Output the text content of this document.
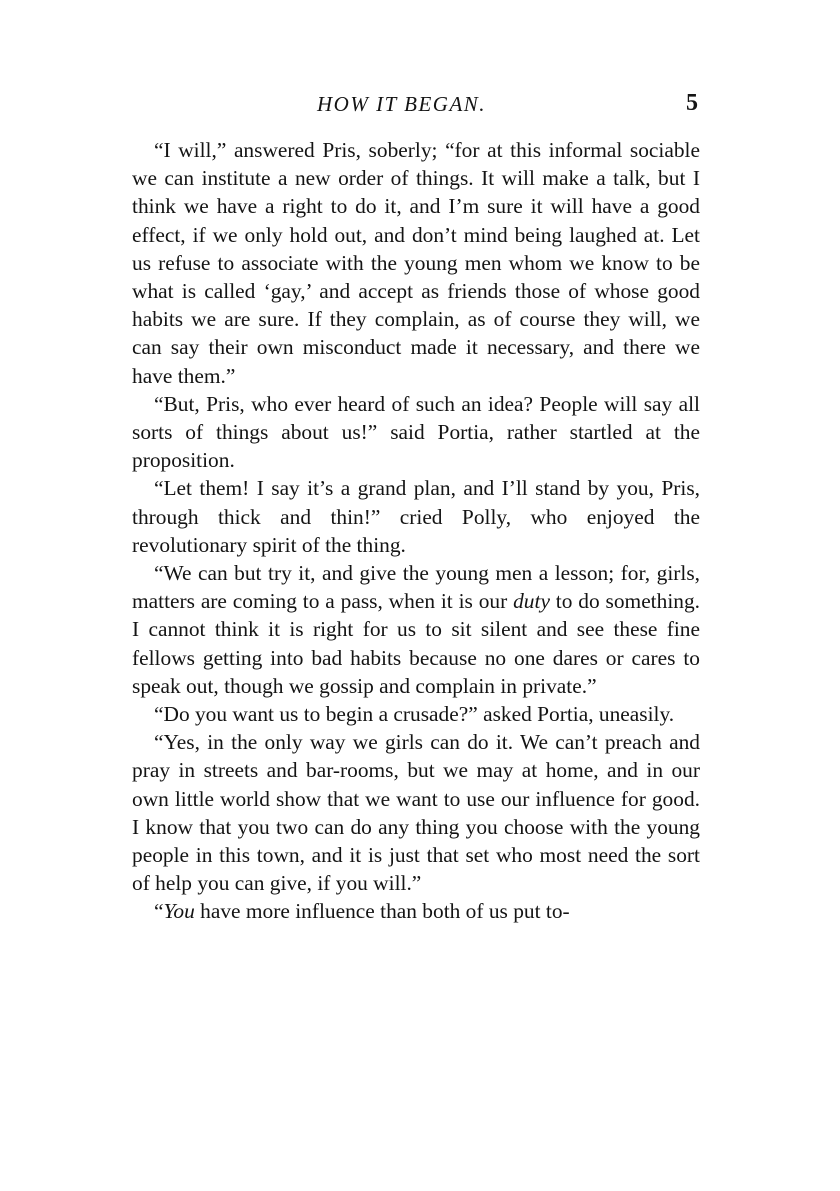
HOW IT BEGAN.	5

“I will,” answered Pris, soberly; “for at this informal sociable we can institute a new order of things. It will make a talk, but I think we have a right to do it, and I’m sure it will have a good effect, if we only hold out, and don’t mind being laughed at. Let us refuse to associate with the young men whom we know to be what is called ‘gay,’ and accept as friends those of whose good habits we are sure. If they complain, as of course they will, we can say their own misconduct made it necessary, and there we have them.”

“But, Pris, who ever heard of such an idea? People will say all sorts of things about us!” said Portia, rather startled at the proposition.

“Let them! I say it’s a grand plan, and I’ll stand by you, Pris, through thick and thin!” cried Polly, who enjoyed the revolutionary spirit of the thing.

“We can but try it, and give the young men a lesson; for, girls, matters are coming to a pass, when it is our duty to do something. I cannot think it is right for us to sit silent and see these fine fellows getting into bad habits because no one dares or cares to speak out, though we gossip and complain in private.”

“Do you want us to begin a crusade?” asked Portia, uneasily.

“Yes, in the only way we girls can do it. We can’t preach and pray in streets and bar-rooms, but we may at home, and in our own little world show that we want to use our influence for good. I know that you two can do any thing you choose with the young people in this town, and it is just that set who most need the sort of help you can give, if you will.”

“You have more influence than both of us put to-
